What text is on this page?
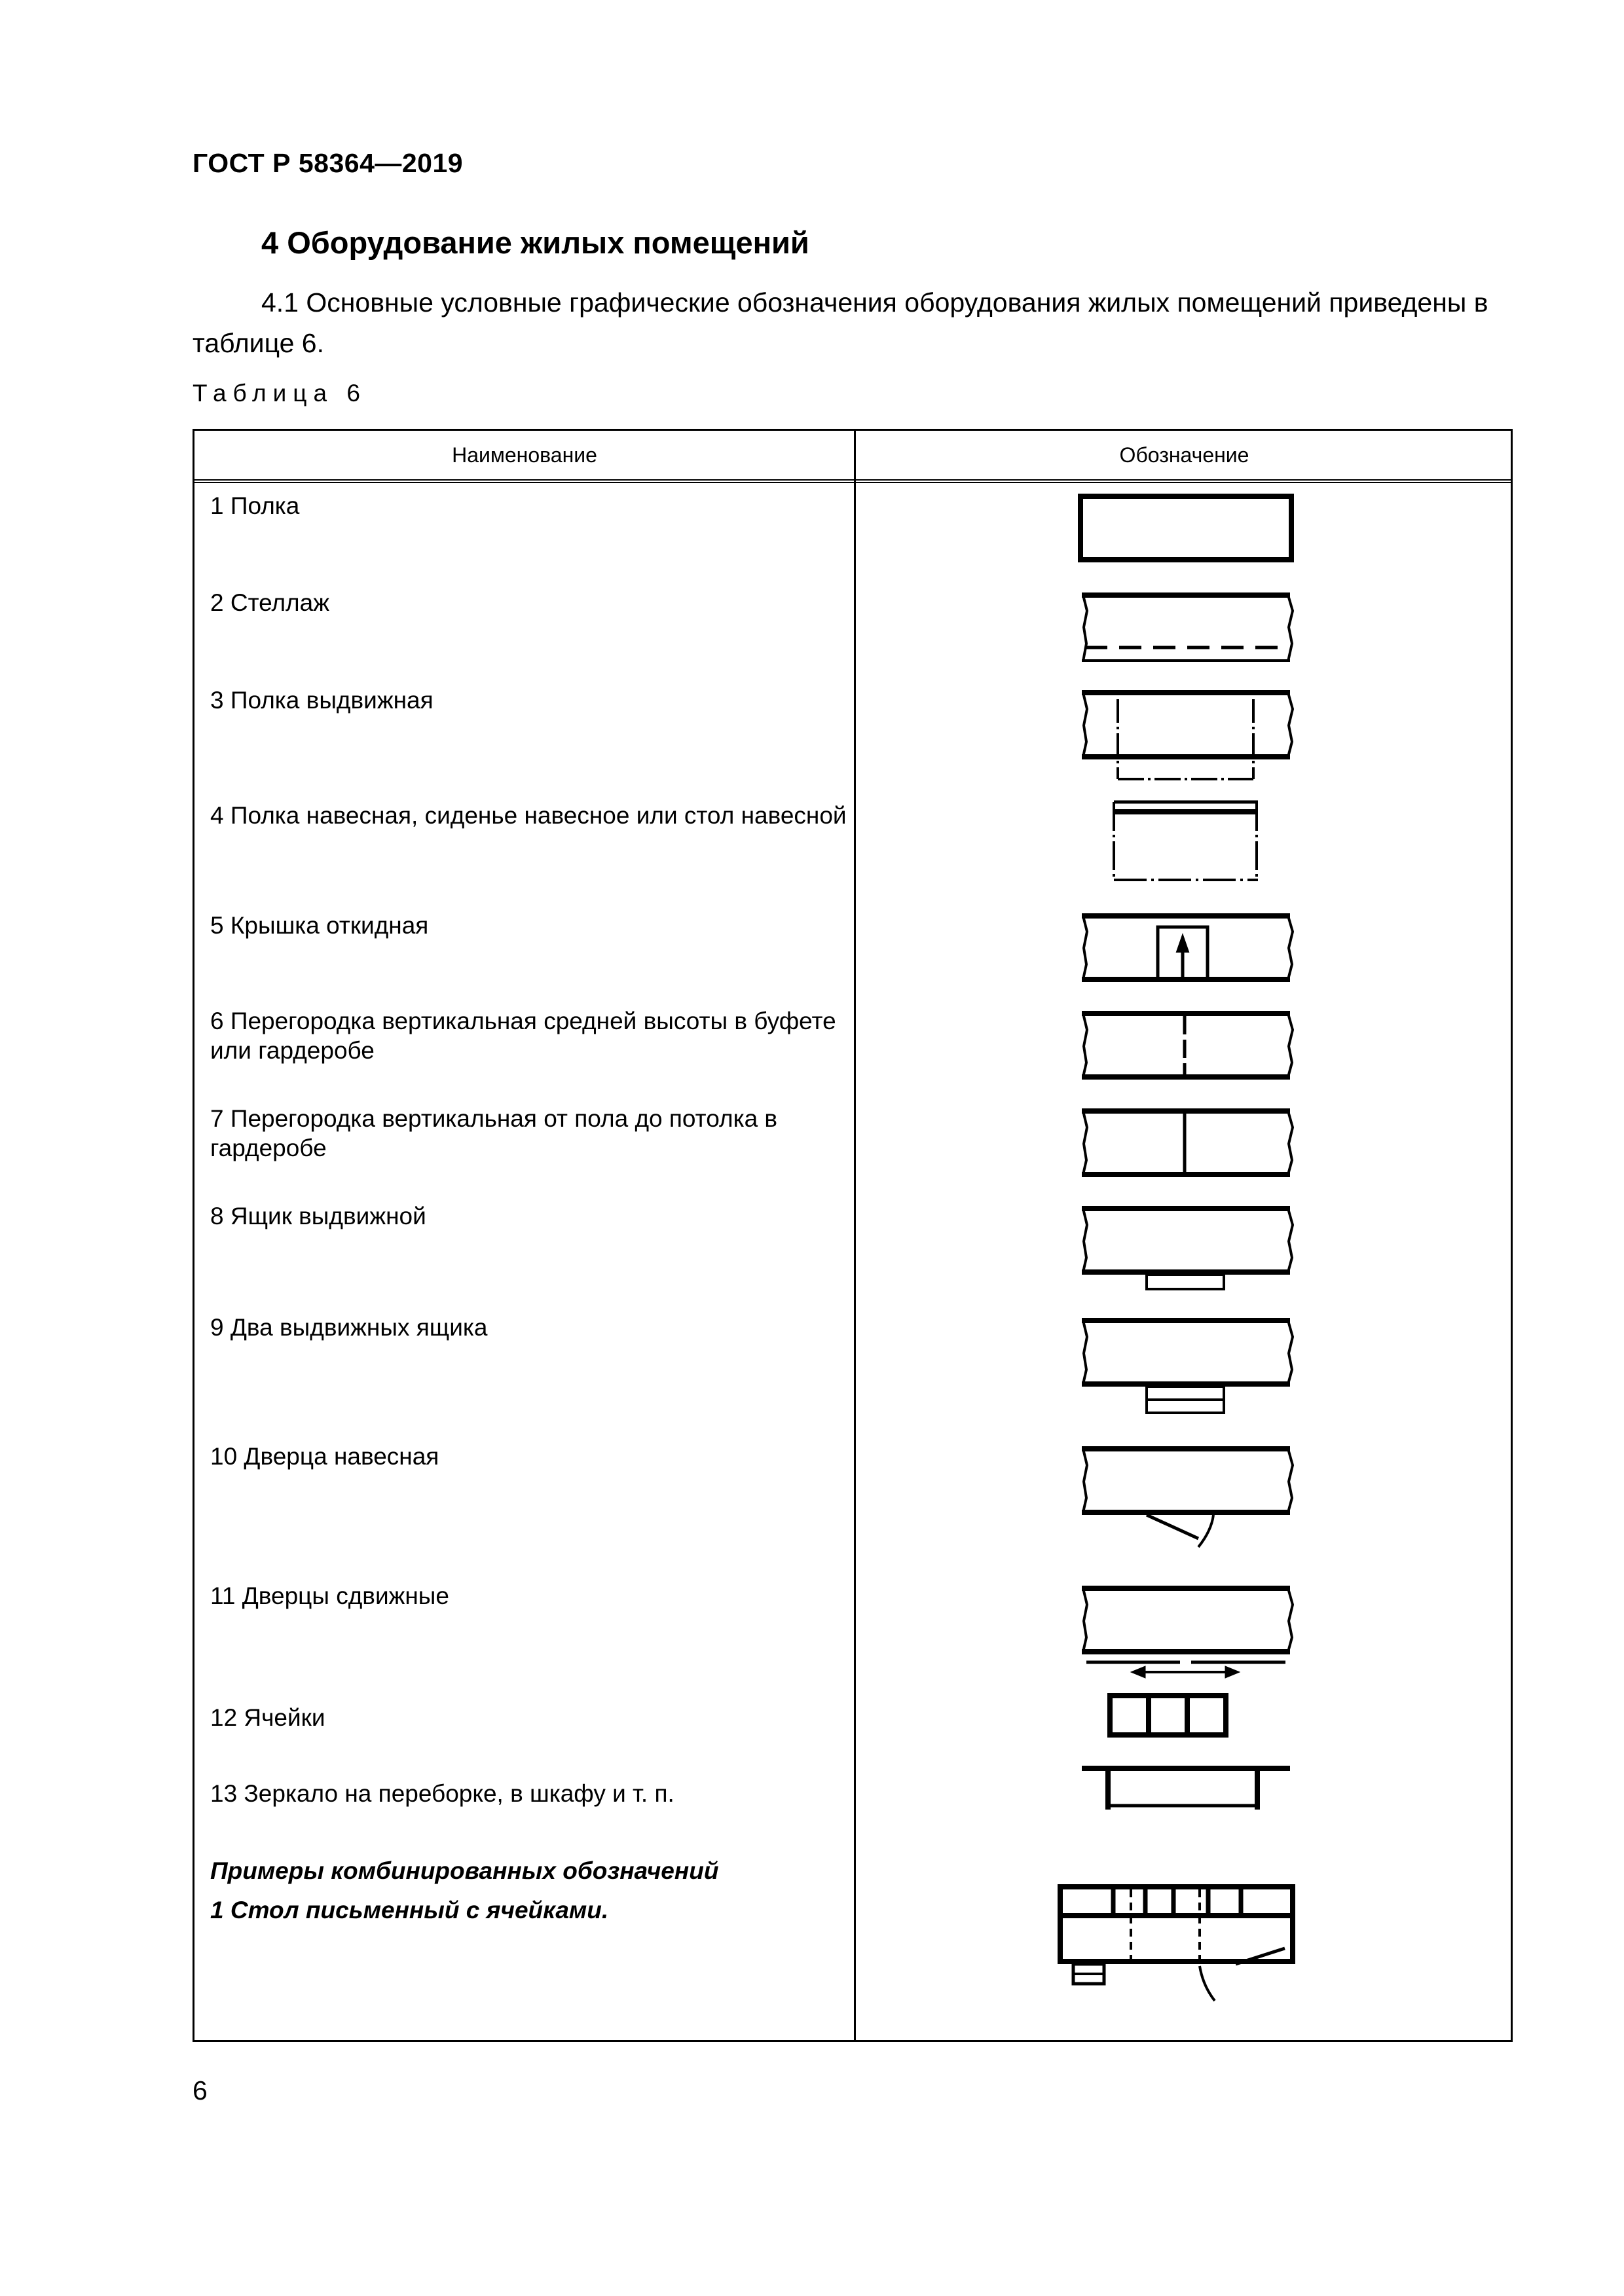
ГОСТ Р 58364—2019
4 Оборудование жилых помещений
4.1 Основные условные графические обозначения оборудования жилых помещений приведены в таблице 6.
Таблица 6
Наименование	Обозначение
1 Полка
2 Стеллаж
3 Полка выдвижная
4 Полка навесная, сиденье навесное или стол навесной
5 Крышка откидная
6 Перегородка вертикальная средней высоты в буфете или гардеробе
7 Перегородка вертикальная от пола до потолка в гардеробе
8 Ящик выдвижной
9 Два выдвижных ящика
10 Дверца навесная
11 Дверцы сдвижные
12 Ячейки
13 Зеркало на переборке, в шкафу и т. п.
Примеры комбинированных обозначений
1 Стол письменный с ячейками.
6
